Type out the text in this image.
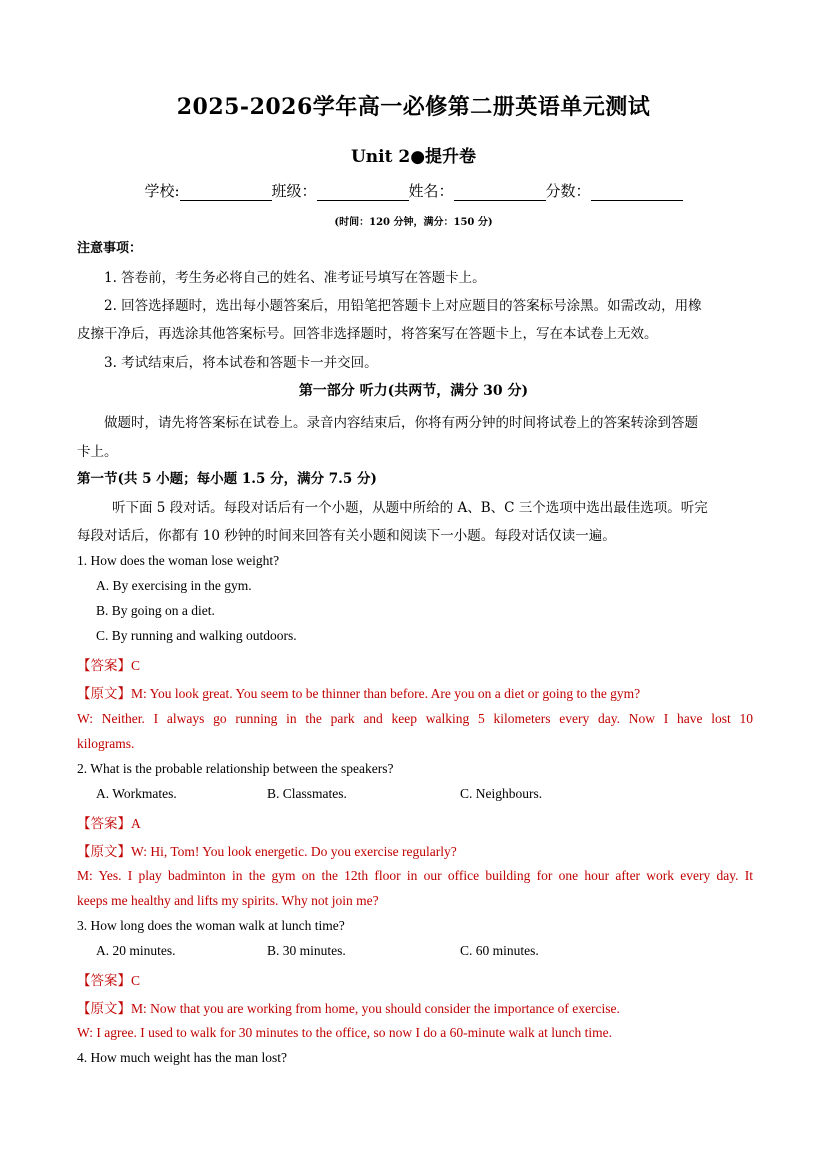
2025-2026学年高一必修第二册英语单元测试
Unit 2●提升卷
学校:	班级：	姓名：	分数：
(时间：120 分钟，满分：150 分)
注意事项：
1. 答卷前，考生务必将自己的姓名、准考证号填写在答题卡上。
2. 回答选择题时，选出每小题答案后，用铅笔把答题卡上对应题目的答案标号涂黑。如需改动，用橡
皮擦干净后，再选涂其他答案标号。回答非选择题时，将答案写在答题卡上，写在本试卷上无效。
3. 考试结束后，将本试卷和答题卡一并交回。
第一部分 听力(共两节，满分 30 分)
做题时，请先将答案标在试卷上。录音内容结束后，你将有两分钟的时间将试卷上的答案转涂到答题
卡上。
第一节(共 5 小题；每小题 1.5 分，满分 7.5 分)
听下面 5 段对话。每段对话后有一个小题，从题中所给的 A、B、C 三个选项中选出最佳选项。听完
每段对话后，你都有 10 秒钟的时间来回答有关小题和阅读下一小题。每段对话仅读一遍。
1. How does the woman lose weight?
A. By exercising in the gym.
B. By going on a diet.
C. By running and walking outdoors.
【答案】C
【原文】M: You look great. You seem to be thinner than before. Are you on a diet or going to the gym?
W: Neither. I always go running in the park and keep walking 5 kilometers every day. Now I have lost 10
kilograms.
2. What is the probable relationship between the speakers?
A. Workmates.	B. Classmates.	C. Neighbours.
【答案】A
【原文】W: Hi, Tom! You look energetic. Do you exercise regularly?
M: Yes. I play badminton in the gym on the 12th floor in our office building for one hour after work every day. It
keeps me healthy and lifts my spirits. Why not join me?
3. How long does the woman walk at lunch time?
A. 20 minutes.	B. 30 minutes.	C. 60 minutes.
【答案】C
【原文】M: Now that you are working from home, you should consider the importance of exercise.
W: I agree. I used to walk for 30 minutes to the office, so now I do a 60-minute walk at lunch time.
4. How much weight has the man lost?
